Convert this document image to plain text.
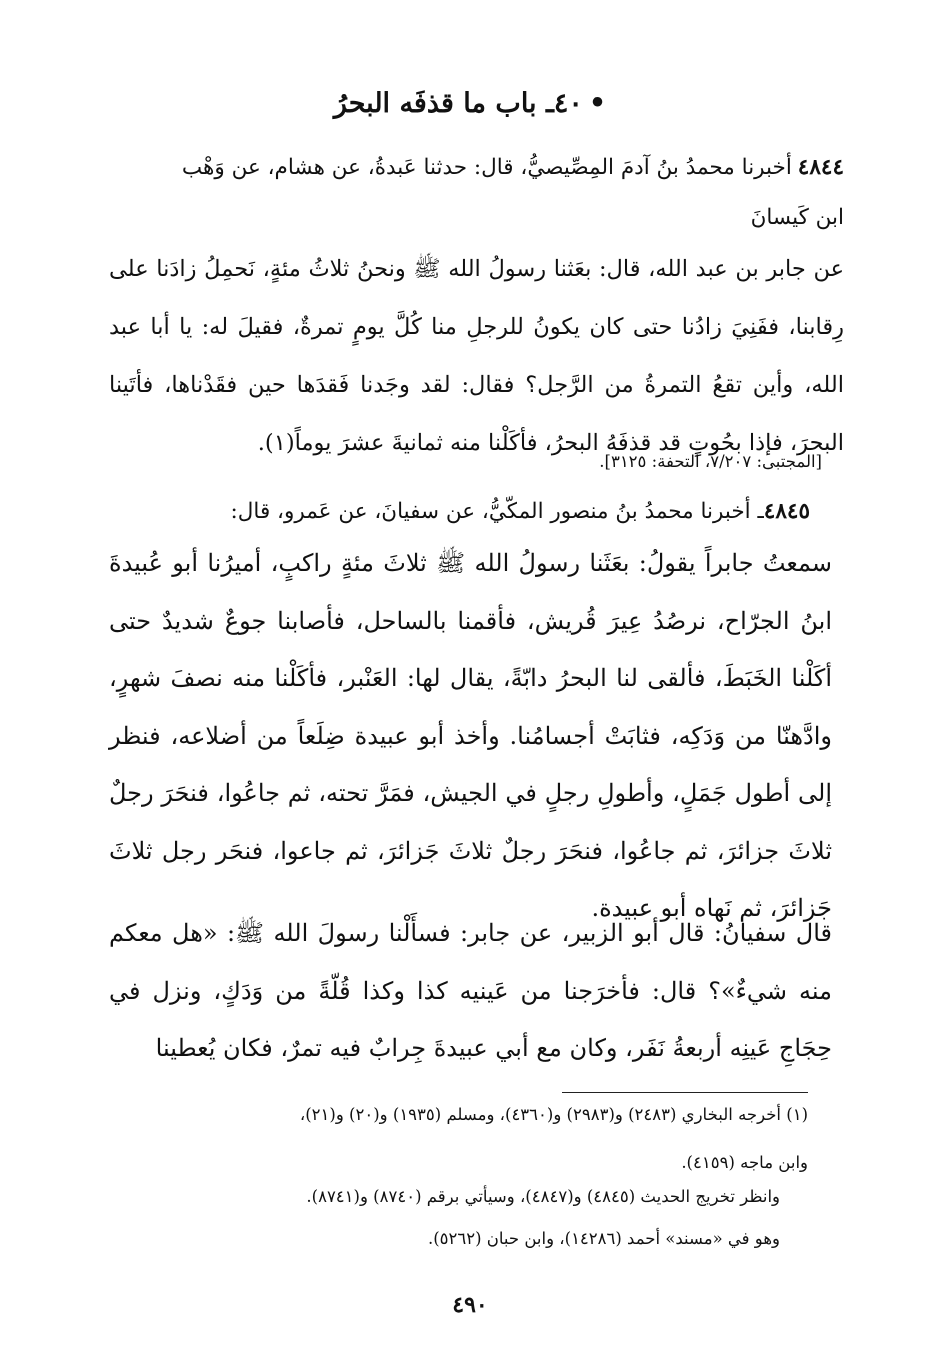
•٤٠ـ باب ما قذفَه البحرُ
٤٨٤٤أخبرنا محمدُ بنُ آدمَ المِصِّيصيُّ، قال: حدثنا عَبدةُ، عن هشام، عن وَهْب
ابن كَيسانَ

عن جابر بن عبد الله، قال: بعَثنا رسولُ الله ﷺ ونحنُ ثلاثُ مئةٍ، نَحمِلُ زادَنا على رِقابنا، ففَنِيَ زادُنا حتى كان يكونُ للرجلِ منا كُلَّ يومٍ تمرةٌ، فقيلَ له: يا أبا عبد الله، وأين تقعُ التمرةُ من الرَّجل؟ فقال: لقد وجَدنا فَقدَها حين فقَدْناها، فأتَينا البحرَ، فإذا بحُوتٍ قد قذفَهُ البحرُ، فأكَلْنا منه ثمانيةَ عشرَ يوماً(١).

[المجتبى: ٧/٢٠٧، التحفة: ٣١٢٥].
٤٨٤٥ـ أخبرنا محمدُ بنُ منصور المكّيُّ، عن سفيانَ، عن عَمرو، قال:

سمعتُ جابراً يقولُ: بعَثَنا رسولُ الله ﷺ ثلاثَ مئةٍ راكبٍ، أميرُنا أبو عُبيدةَ ابنُ الجرّاح، نرصُدُ عِيرَ قُريش، فأقمنا بالساحل، فأصابنا جوعٌ شديدٌ حتى أكَلْنا الخَبَطَ، فألقى لنا البحرُ دابّةً، يقال لها: العَنْبر، فأكَلْنا منه نصفَ شهرٍ، وادَّهنّا من وَدَكِه، فثابَتْ أجسامُنا. وأخذ أبو عبيدة ضِلَعاً من أضلاعه، فنظر إلى أطول جَمَلٍ، وأطولِ رجلٍ في الجيش، فمَرَّ تحته، ثم جاعُوا، فنحَرَ رجلٌ ثلاثَ جزائرَ، ثم جاعُوا، فنحَرَ رجلٌ ثلاثَ جَزائرَ، ثم جاعوا، فنحَر رجل ثلاثَ جَزائرَ، ثم نَهاه أبو عبيدة.

قال سفيانُ: قال أبو الزبير، عن جابر: فسأَلْنا رسولَ الله ﷺ: «هل معكم منه شيءٌ»؟ قال: فأخرَجنا من عَينيه كذا وكذا قُلّةً من وَدَكٍ، ونزل في حِجَاجِ عَينِه أربعةُ نَفَر، وكان مع أبي عبيدةَ جِرابٌ فيه تمرٌ، فكان يُعطينا

(١) أخرجه البخاري (٢٤٨٣) و(٢٩٨٣) و(٤٣٦٠)، ومسلم (١٩٣٥) و(٢٠) و(٢١)،
وابن ماجه (٤١٥٩).
وانظر تخريج الحديث (٤٨٤٥) و(٤٨٤٧)، وسيأتي برقم (٨٧٤٠) و(٨٧٤١).
وهو في «مسند» أحمد (١٤٢٨٦)، وابن حبان (٥٢٦٢).
٤٩٠
